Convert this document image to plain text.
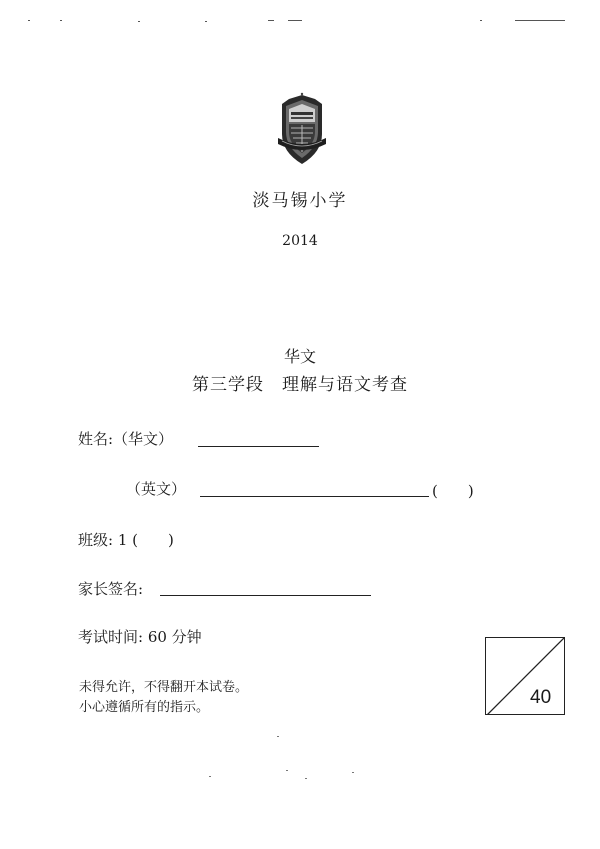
淡马锡小学
2014
华文
第三学段　理解与语文考查
姓名:（华文）
（英文）	(　　)
班级: 1 (　　)
家长签名:
考试时间: 60 分钟
未得允许，不得翻开本试卷。
小心遵循所有的指示。	40
